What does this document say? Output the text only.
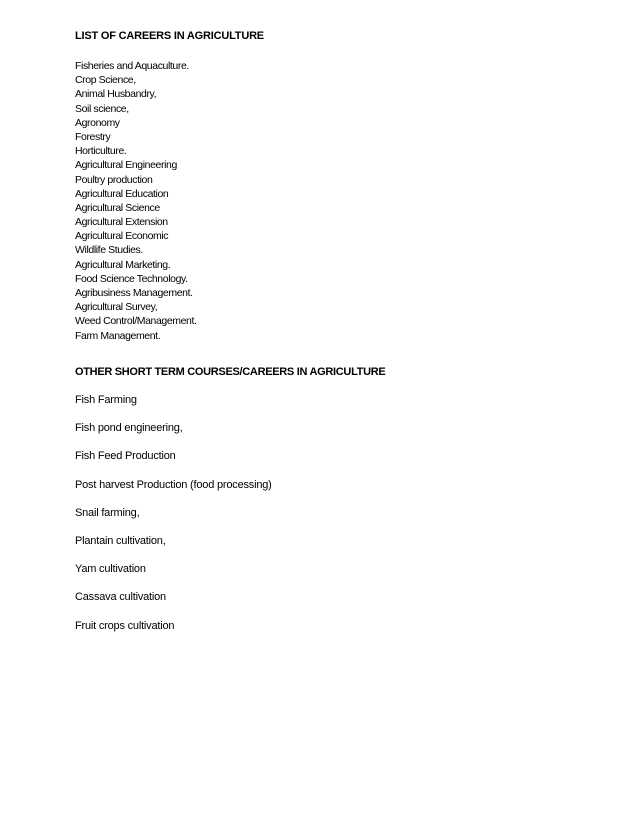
LIST OF CAREERS IN AGRICULTURE
Fisheries and Aquaculture.
Crop Science,
Animal Husbandry,
Soil science,
Agronomy
Forestry
Horticulture.
Agricultural Engineering
Poultry production
Agricultural Education
Agricultural Science
Agricultural Extension
Agricultural Economic
Wildlife Studies.
Agricultural Marketing.
Food Science Technology.
Agribusiness Management.
Agricultural Survey,
Weed Control/Management.
Farm Management.
OTHER SHORT TERM COURSES/CAREERS IN AGRICULTURE
Fish Farming
Fish pond engineering,
Fish Feed Production
Post harvest Production (food processing)
Snail farming,
Plantain cultivation,
Yam cultivation
Cassava cultivation
Fruit crops cultivation
